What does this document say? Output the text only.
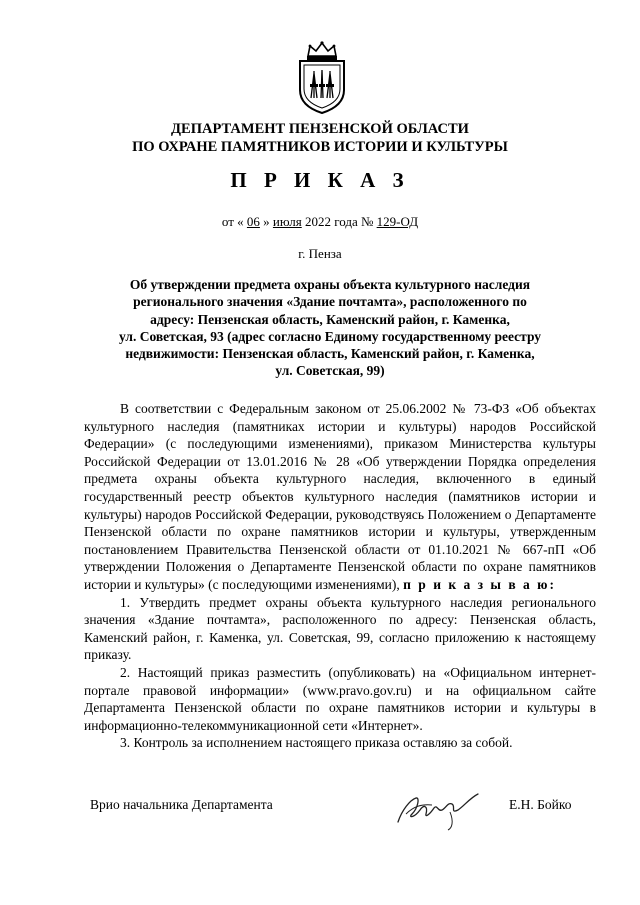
ДЕПАРТАМЕНТ ПЕНЗЕНСКОЙ ОБЛАСТИ
ПО ОХРАНЕ ПАМЯТНИКОВ ИСТОРИИ И КУЛЬТУРЫ
П Р И К А З
от « 06 » июля 2022 года № 129-ОД
г. Пенза
Об утверждении предмета охраны объекта культурного наследия
регионального значения «Здание почтамта», расположенного по
адресу: Пензенская область, Каменский район, г. Каменка,
ул. Советская, 93 (адрес согласно Единому государственному реестру
недвижимости: Пензенская область, Каменский район, г. Каменка,
ул. Советская, 99)

В соответствии с Федеральным законом от 25.06.2002 № 73-ФЗ «Об объектах культурного наследия (памятниках истории и культуры) народов Российской Федерации» (с последующими изменениями), приказом Министерства культуры Российской Федерации от 13.01.2016 № 28 «Об утверждении Порядка определения предмета охраны объекта культурного наследия, включенного в единый государственный реестр объектов культурного наследия (памятников истории и культуры) народов Российской Федерации, руководствуясь Положением о Департаменте Пензенской области по охране памятников истории и культуры, утвержденным постановлением Правительства Пензенской области от 01.10.2021 № 667-пП «Об утверждении Положения о Департаменте Пензенской области по охране памятников истории и культуры» (с последующими изменениями), п р и к а з ы в а ю:

1. Утвердить предмет охраны объекта культурного наследия регионального значения «Здание почтамта», расположенного по адресу: Пензенская область, Каменский район, г. Каменка, ул. Советская, 99, согласно приложению к настоящему приказу.

2. Настоящий приказ разместить (опубликовать) на «Официальном интернет-портале правовой информации» (www.pravo.gov.ru) и на официальном сайте Департамента Пензенской области по охране памятников истории и культуры в информационно-телекоммуникационной сети «Интернет».

3. Контроль за исполнением настоящего приказа оставляю за собой.

Врио начальника Департамента	Е.Н. Бойко
